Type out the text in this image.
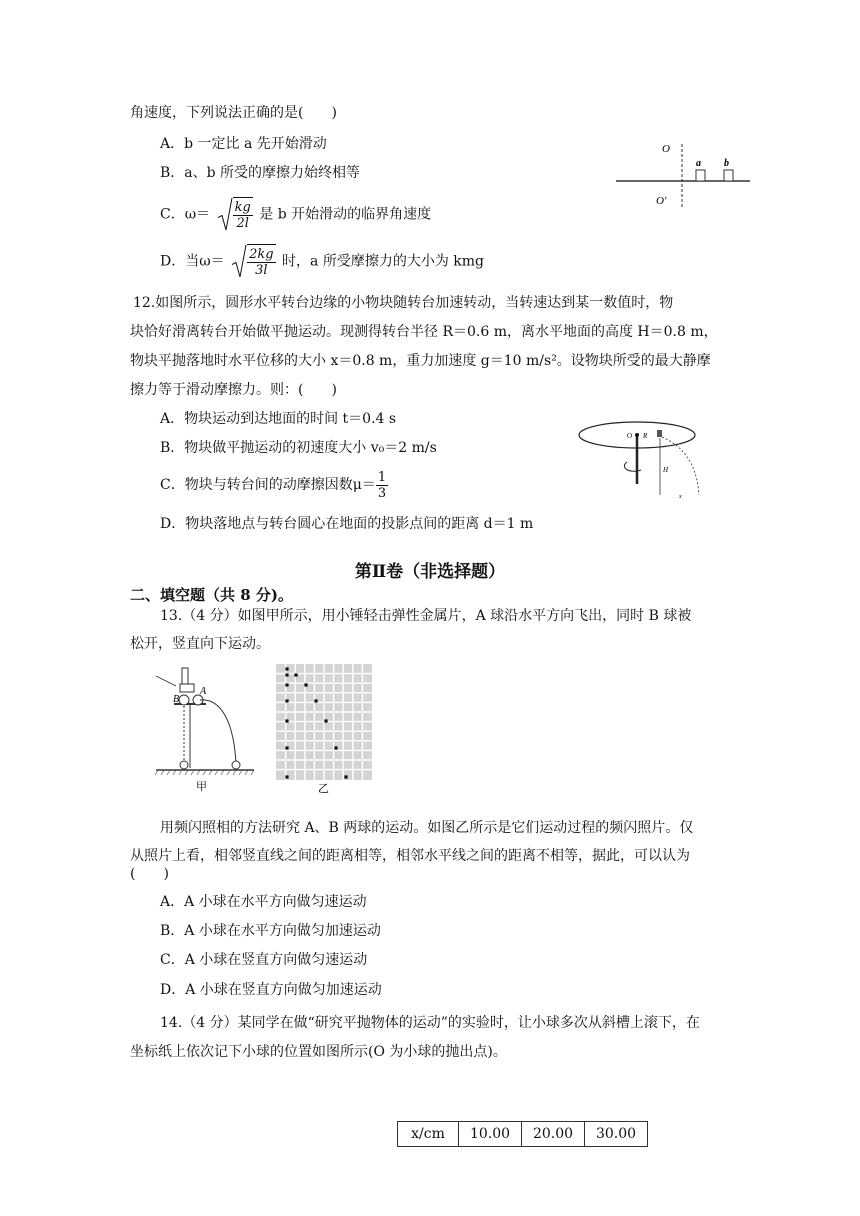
角速度，下列说法正确的是(　　)
A．b 一定比 a 先开始滑动
B．a、b 所受的摩擦力始终相等
C．$\omega= \frac{kg}{2l}$ 是 b 开始滑动的临界角速度
D．当$\omega= \frac{2kg}{3l}$ 时，a 所受摩擦力的大小为 kmg
O
O′
a b
12.如图所示，圆形水平转台边缘的小物块随转台加速转动，当转速达到某一数值时，物
块恰好滑离转台开始做平抛运动。现测得转台半径 R＝0.6 m，离水平地面的高度 H＝0.8 m，
物块平抛落地时水平位移的大小 x＝0.8 m，重力加速度 g＝10 m/s²。设物块所受的最大静摩
擦力等于滑动摩擦力。则：(　　)
A．物块运动到达地面的时间 t＝0.4 s
B．物块做平抛运动的初速度大小 v₀＝2 m/s
C．物块与转台间的动摩擦因数$\mu= \frac{1}{3}$
D．物块落地点与转台圆心在地面的投影点间的距离 d＝1 m
O R
H
x
第Ⅱ卷（非选择题）
二、填空题（共 8 分)。
13.（4 分）如图甲所示，用小锤轻击弹性金属片，A 球沿水平方向飞出，同时 B 球被
松开，竖直向下运动。
B
A
甲	乙
用频闪照相的方法研究 A、B 两球的运动。如图乙所示是它们运动过程的频闪照片。仅
从照片上看，相邻竖直线之间的距离相等，相邻水平线之间的距离不相等，据此，可以认为
(　　)
A．A 小球在水平方向做匀速运动
B．A 小球在水平方向做匀加速运动
C．A 小球在竖直方向做匀速运动
D．A 小球在竖直方向做匀加速运动
14.（4 分）某同学在做“研究平抛物体的运动”的实验时，让小球多次从斜槽上滚下，在
坐标纸上依次记下小球的位置如图所示(O 为小球的抛出点)。
x/cm	10.00	20.00	30.00
